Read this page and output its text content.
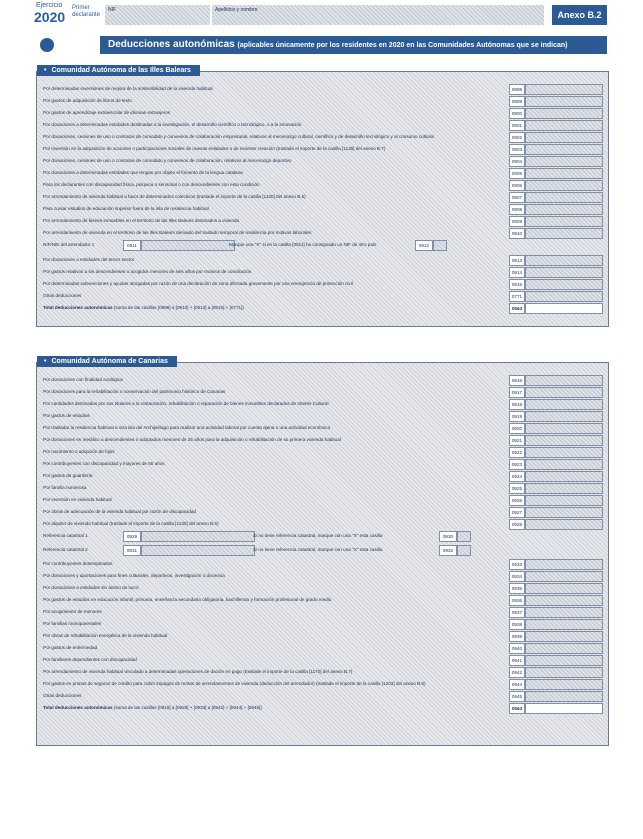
Ejercicio
2020
Primer declarante
NIF	Apellidos y nombre	Anexo B.2
Deducciones autonómicas (aplicables únicamente por los residentes en 2020 en las Comunidades Autónomas que se indican)
• Comunidad Autónoma de las Illes Balears
Por determinadas inversiones de mejora de la sostenibilidad de la vivienda habitual	0898
Por gastos de adquisición de libros de texto	0899
Por gastos de aprendizaje extraescolar de idiomas extranjeros	0900
Por donaciones a determinadas entidades destinadas a la investigación, el desarrollo científico o tecnológico, o a la innovación	0901
Por donaciones, cesiones de uso o contratos de comodato y convenios de colaboración empresarial, relativos al mecenazgo cultural, científico y de desarrollo tecnológico y al consumo cultural	0902
Por inversión en la adquisición de acciones o participaciones sociales de nuevas entidades o de reciente creación (traslade el importe de la casilla [1136] del anexo B.7)	0903
Por donaciones, cesiones de uso o contratos de comodato y convenios de colaboración, relativos al mecenazgo deportivo	0904
Por donaciones a determinadas entidades que tengan por objeto el fomento de la lengua catalana	0905
Para los declarantes con discapacidad física, psíquica o sensorial o con descendientes con esta condición	0906
Por arrendamiento de vivienda habitual a favor de determinados colectivos (traslade el importe de la casilla [1130] del anexo B.6)	0907
Para cursar estudios de educación superior fuera de la isla de residencia habitual	0908
Por arrendamiento de bienes inmuebles en el territorio de las Illes Balears destinados a vivienda	0909
Por arrendamiento de vivienda en el territorio de las Illes Balears derivado del traslado temporal de residencia por motivos laborales	0910
NIF/NIE del arrendador 1	0911	Marque una "X" si en la casilla [0911] ha consignado un NIF de otro país	0912
Por donaciones a entidades del tercer sector	0913
Por gastos relativos a los descendientes o acogidos menores de seis años por motivos de conciliación	0914
Por determinadas subvenciones y ayudas otorgadas por razón de una declaración de zona afectada gravemente por una emergencia de protección civil	0915
Otras deducciones	0771
Total deducciones autonómicas (suma de las casillas [0898] a [0910] + [0913] a [0915] + [0771])	0564
• Comunidad Autónoma de Canarias
Por donaciones con finalidad ecológica	0916
Por donaciones para la rehabilitación o conservación del patrimonio histórico de Canarias	0917
Por cantidades destinadas por sus titulares a la restauración, rehabilitación o reparación de bienes inmuebles declarados de Interés Cultural	0918
Por gastos de estudios	0919
Por trasladar la residencia habitual a otra isla del Archipiélago para realizar una actividad laboral por cuenta ajena o una actividad económica	0920
Por donaciones en metálico a descendientes o adoptados menores de 35 años para la adquisición o rehabilitación de su primera vivienda habitual	0921
Por nacimiento o adopción de hijos	0922
Por contribuyentes con discapacidad y mayores de 65 años	0923
Por gastos de guardería	0924
Por familia numerosa	0925
Por inversión en vivienda habitual	0926
Por obras de adecuación de la vivienda habitual por razón de discapacidad	0927
Por alquiler de vivienda habitual (traslade el importe de la casilla [1130] del anexo B.6)	0928
Referencia catastral 1	0929	Si no tiene referencia catastral, marque con una "X" esta casilla	0930
Referencia catastral 2	0931	Si no tiene referencia catastral, marque con una "X" esta casilla	0932
Por contribuyentes desempleados	0933
Por donaciones y aportaciones para fines culturales, deportivos, investigación o docencia	0934
Por donaciones a entidades sin ánimo de lucro	0935
Por gastos de estudios en educación infantil, primaria, enseñanza secundaria obligatoria, bachillerato y formación profesional de grado medio	0936
Por acogimiento de menores	0937
Por familias monoparentales	0938
Por obras de rehabilitación energética de la vivienda habitual	0939
Por gastos de enfermedad	0940
Por familiares dependientes con discapacidad	0941
Por arrendamiento de vivienda habitual vinculado a determinadas operaciones de dación en pago (traslade el importe de la casilla [1170] del anexo B.7)	0942
Por gastos en primas de seguros de crédito para cubrir impagos de rentas de arrendamientos de vivienda (deducción del arrendador) (traslade el importe de la casilla [1203] del anexo B.8)	0944
Otras deducciones	0945
Total deducciones autonómicas (suma de las casillas [0916] a [0928] + [0933] a [0942] + [0944] + [0945])	0564
